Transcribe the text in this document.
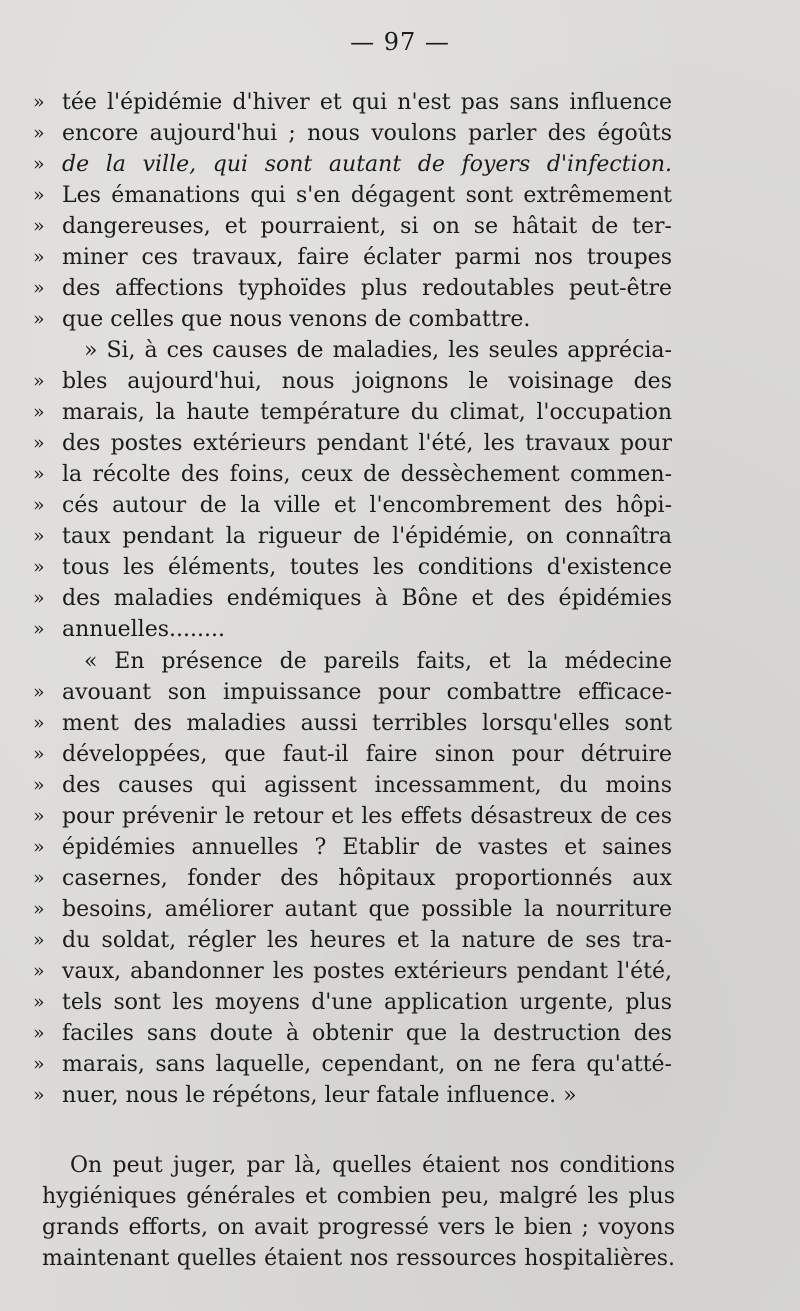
— 97 —
» tée l'épidémie d'hiver et qui n'est pas sans influence
» encore aujourd'hui ; nous voulons parler des égoûts
» de la ville, qui sont autant de foyers d'infection.
» Les émanations qui s'en dégagent sont extrêmement
» dangereuses, et pourraient, si on se hâtait de ter-
» miner ces travaux, faire éclater parmi nos troupes
» des affections typhoïdes plus redoutables peut-être
» que celles que nous venons de combattre.
» Si, à ces causes de maladies, les seules apprécia-
» bles aujourd'hui, nous joignons le voisinage des
» marais, la haute température du climat, l'occupation
» des postes extérieurs pendant l'été, les travaux pour
» la récolte des foins, ceux de dessèchement commen-
» cés autour de la ville et l'encombrement des hôpi-
» taux pendant la rigueur de l'épidémie, on connaîtra
» tous les éléments, toutes les conditions d'existence
» des maladies endémiques à Bône et des épidémies
» annuelles........
« En présence de pareils faits, et la médecine
» avouant son impuissance pour combattre efficace-
» ment des maladies aussi terribles lorsqu'elles sont
» développées, que faut-il faire sinon pour détruire
» des causes qui agissent incessamment, du moins
» pour prévenir le retour et les effets désastreux de ces
» épidémies annuelles ? Etablir de vastes et saines
» casernes, fonder des hôpitaux proportionnés aux
» besoins, améliorer autant que possible la nourriture
» du soldat, régler les heures et la nature de ses tra-
» vaux, abandonner les postes extérieurs pendant l'été,
» tels sont les moyens d'une application urgente, plus
» faciles sans doute à obtenir que la destruction des
» marais, sans laquelle, cependant, on ne fera qu'atté-
» nuer, nous le répétons, leur fatale influence. »
On peut juger, par là, quelles étaient nos conditions
hygiéniques générales et combien peu, malgré les plus
grands efforts, on avait progressé vers le bien ; voyons
maintenant quelles étaient nos ressources hospitalières.
